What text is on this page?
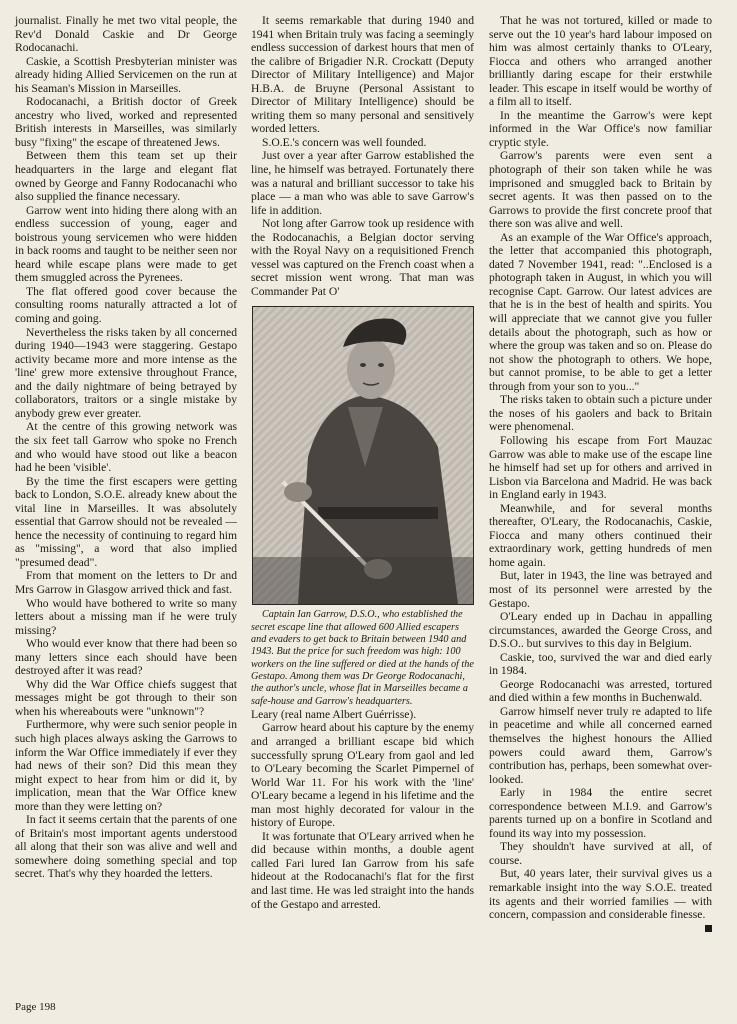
journalist. Finally he met two vital people, the Rev'd Donald Caskie and Dr George Rodocanachi.

Caskie, a Scottish Presbyterian minister was already hiding Allied Servicemen on the run at his Seaman's Mission in Marseilles.

Rodocanachi, a British doctor of Greek ancestry who lived, worked and represented British interests in Marseilles, was similarly busy "fixing" the escape of threatened Jews.

Between them this team set up their headquarters in the large and elegant flat owned by George and Fanny Rodocanachi who also supplied the finance necessary.

Garrow went into hiding there along with an endless succession of young, eager and boistrous young servicemen who were hidden in back rooms and taught to be neither seen nor heard while escape plans were made to get them smuggled across the Pyrenees.

The flat offered good cover because the consulting rooms naturally attracted a lot of coming and going.

Nevertheless the risks taken by all concerned during 1940—1943 were staggering. Gestapo activity became more and more intense as the 'line' grew more extensive throughout France, and the daily nightmare of being betrayed by collaborators, traitors or a single mistake by anybody grew ever greater.

At the centre of this growing network was the six feet tall Garrow who spoke no French and who would have stood out like a beacon had he been 'visible'.

By the time the first escapers were getting back to London, S.O.E. already knew about the vital line in Marseilles. It was absolutely essential that Garrow should not be revealed — hence the necessity of continuing to regard him as "missing", a word that also implied "presumed dead".

From that moment on the letters to Dr and Mrs Garrow in Glasgow arrived thick and fast.

Who would have bothered to write so many letters about a missing man if he were truly missing?

Who would ever know that there had been so many letters since each should have been destroyed after it was read?

Why did the War Office chiefs suggest that messages might be got through to their son when his whereabouts were "unknown"?

Furthermore, why were such senior people in such high places always asking the Garrows to inform the War Office immediately if ever they had news of their son? Did this mean they might expect to hear from him or did it, by implication, mean that the War Office knew more than they were letting on?

In fact it seems certain that the parents of one of Britain's most important agents understood all along that their son was alive and well and somewhere doing something special and top secret. That's why they hoarded the letters.

It seems remarkable that during 1940 and 1941 when Britain truly was facing a seemingly endless succession of darkest hours that men of the calibre of Brigadier N.R. Crockatt (Deputy Director of Military Intelligence) and Major H.B.A. de Bruyne (Personal Assistant to Director of Military Intelligence) should be writing them so many personal and sensitively worded letters.

S.O.E.'s concern was well founded.

Just over a year after Garrow established the line, he himself was betrayed. Fortunately there was a natural and brilliant successor to take his place — a man who was able to save Garrow's life in addition.

Not long after Garrow took up residence with the Rodocanachis, a Belgian doctor serving with the Royal Navy on a requisitioned French vessel was captured on the French coast when a secret mission went wrong. That man was Commander Pat O'

Captain Ian Garrow, D.S.O., who established the secret escape line that allowed 600 Allied escapers and evaders to get back to Britain between 1940 and 1943. But the price for such freedom was high: 100 workers on the line suffered or died at the hands of the Gestapo. Among them was Dr George Rodocanachi, the author's uncle, whose flat in Marseilles became a safe-house and Garrow's headquarters.

Leary (real name Albert Guérrisse).

Garrow heard about his capture by the enemy and arranged a brilliant escape bid which successfully sprung O'Leary from gaol and led to O'Leary becoming the Scarlet Pimpernel of World War 11. For his work with the 'line' O'Leary became a legend in his lifetime and the man most highly decorated for valour in the history of Europe.

It was fortunate that O'Leary arrived when he did because within months, a double agent called Fari lured Ian Garrow from his safe hideout at the Rodocanachi's flat for the first and last time. He was led straight into the hands of the Gestapo and arrested.

That he was not tortured, killed or made to serve out the 10 year's hard labour imposed on him was almost certainly thanks to O'Leary, Fiocca and others who arranged another brilliantly daring escape for their erstwhile leader. This escape in itself would be worthy of a film all to itself.

In the meantime the Garrow's were kept informed in the War Office's now familiar cryptic style.

Garrow's parents were even sent a photograph of their son taken while he was imprisoned and smuggled back to Britain by secret agents. It was then passed on to the Garrows to provide the first concrete proof that there son was alive and well.

As an example of the War Office's approach, the letter that accompanied this photograph, dated 7 November 1941, read: "..Enclosed is a photograph taken in August, in which you will recognise Capt. Garrow. Our latest advices are that he is in the best of health and spirits. You will appreciate that we cannot give you fuller details about the photograph, such as how or where the group was taken and so on. Please do not show the photograph to others. We hope, but cannot promise, to be able to get a letter through from your son to you..."

The risks taken to obtain such a picture under the noses of his gaolers and back to Britain were phenomenal.

Following his escape from Fort Mauzac Garrow was able to make use of the escape line he himself had set up for others and arrived in Lisbon via Barcelona and Madrid. He was back in England early in 1943.

Meanwhile, and for several months thereafter, O'Leary, the Rodocanachis, Caskie, Fiocca and many others continued their extraordinary work, getting hundreds of men home again.

But, later in 1943, the line was betrayed and most of its personnel were arrested by the Gestapo.

O'Leary ended up in Dachau in appalling circumstances, awarded the George Cross, and D.S.O.. but survives to this day in Belgium.

Caskie, too, survived the war and died early in 1984.

George Rodocanachi was arrested, tortured and died within a few months in Buchenwald.

Garrow himself never truly re adapted to life in peacetime and while all concerned earned themselves the highest honours the Allied powers could award them, Garrow's contribution has, perhaps, been somewhat over-looked.

Early in 1984 the entire secret correspondence between M.I.9. and Garrow's parents turned up on a bonfire in Scotland and found its way into my possession.

They shouldn't have survived at all, of course.

But, 40 years later, their survival gives us a remarkable insight into the way S.O.E. treated its agents and their worried families — with concern, compassion and considerable finesse.

Page 198
